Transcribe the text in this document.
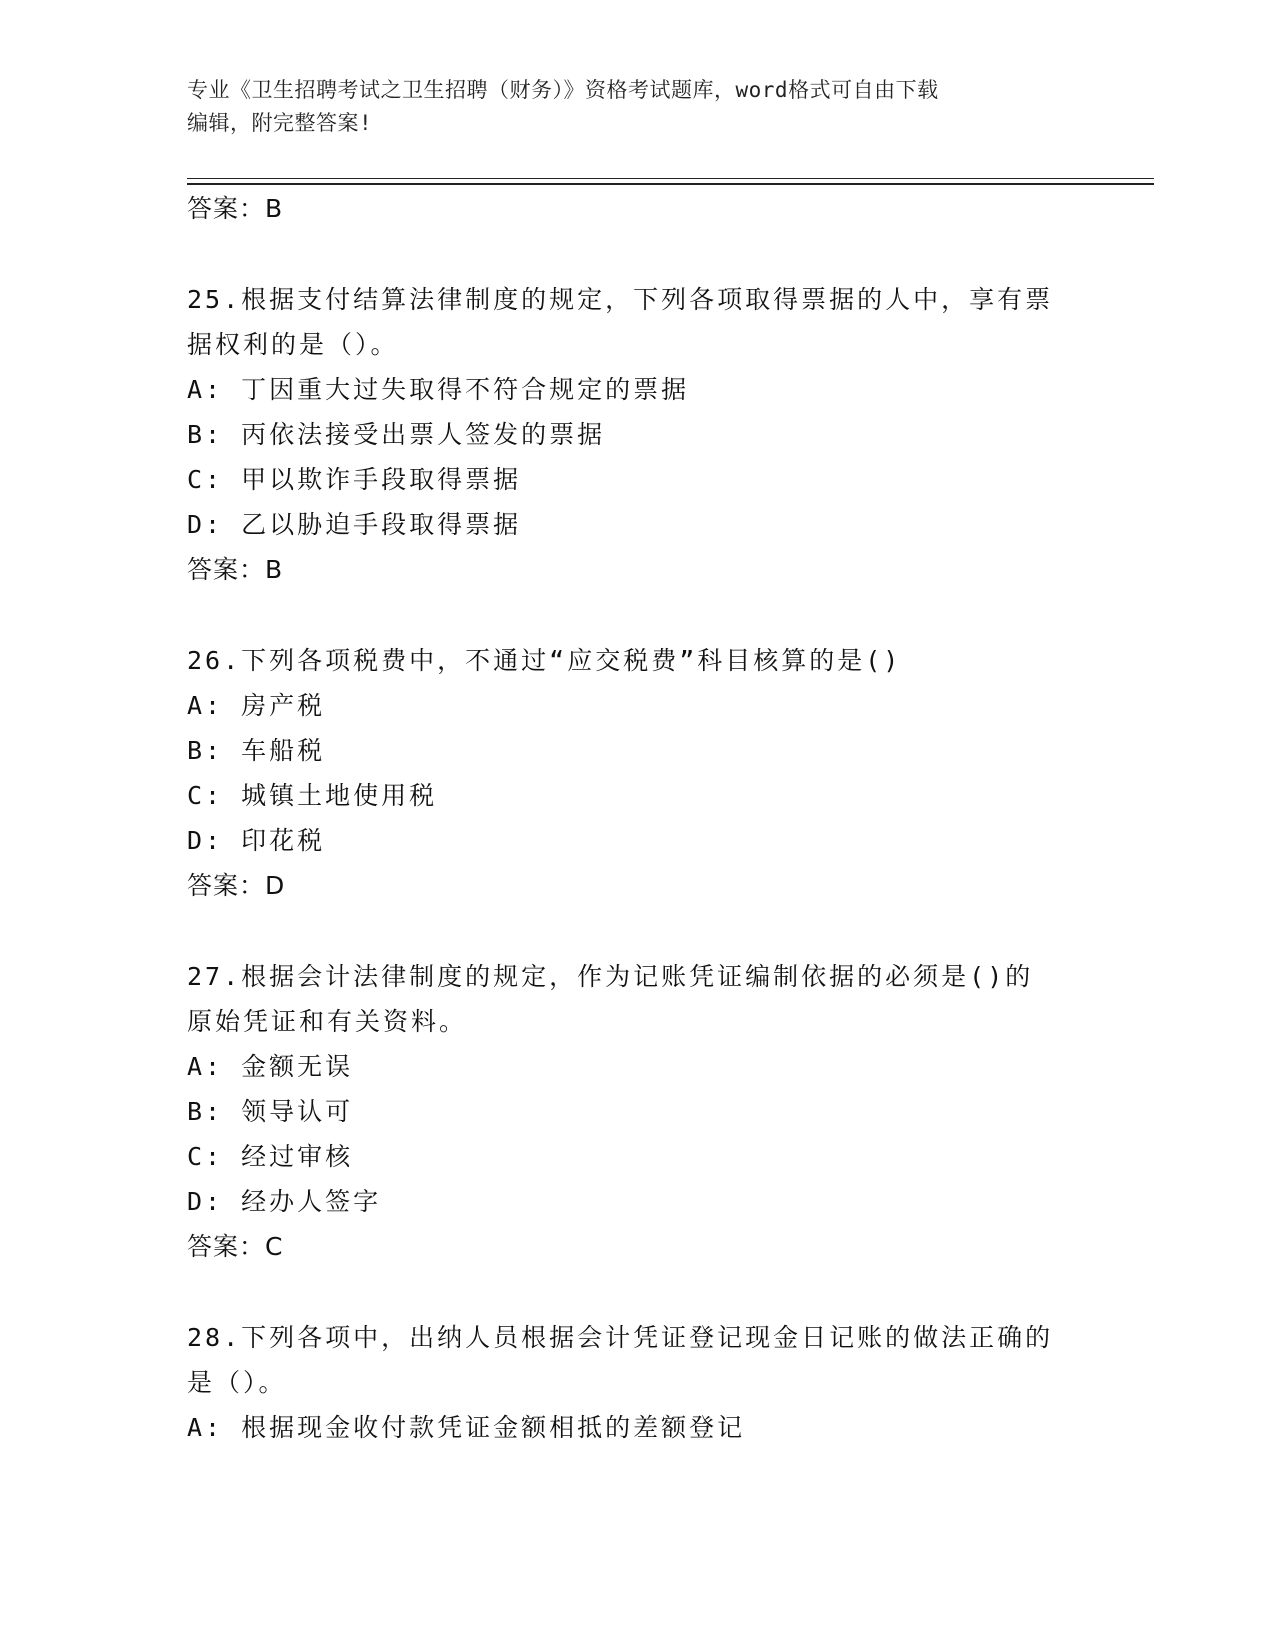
专业《卫生招聘考试之卫生招聘（财务）》资格考试题库，word格式可自由下载
编辑，附完整答案!
答案：B
25.根据支付结算法律制度的规定，下列各项取得票据的人中，享有票
据权利的是（）。
A: 丁因重大过失取得不符合规定的票据
B: 丙依法接受出票人签发的票据
C: 甲以欺诈手段取得票据
D: 乙以胁迫手段取得票据
答案：B
26.下列各项税费中，不通过“应交税费”科目核算的是()
A: 房产税
B: 车船税
C: 城镇土地使用税
D: 印花税
答案：D
27.根据会计法律制度的规定，作为记账凭证编制依据的必须是()的
原始凭证和有关资料。
A: 金额无误
B: 领导认可
C: 经过审核
D: 经办人签字
答案：C
28.下列各项中，出纳人员根据会计凭证登记现金日记账的做法正确的
是（）。
A: 根据现金收付款凭证金额相抵的差额登记
